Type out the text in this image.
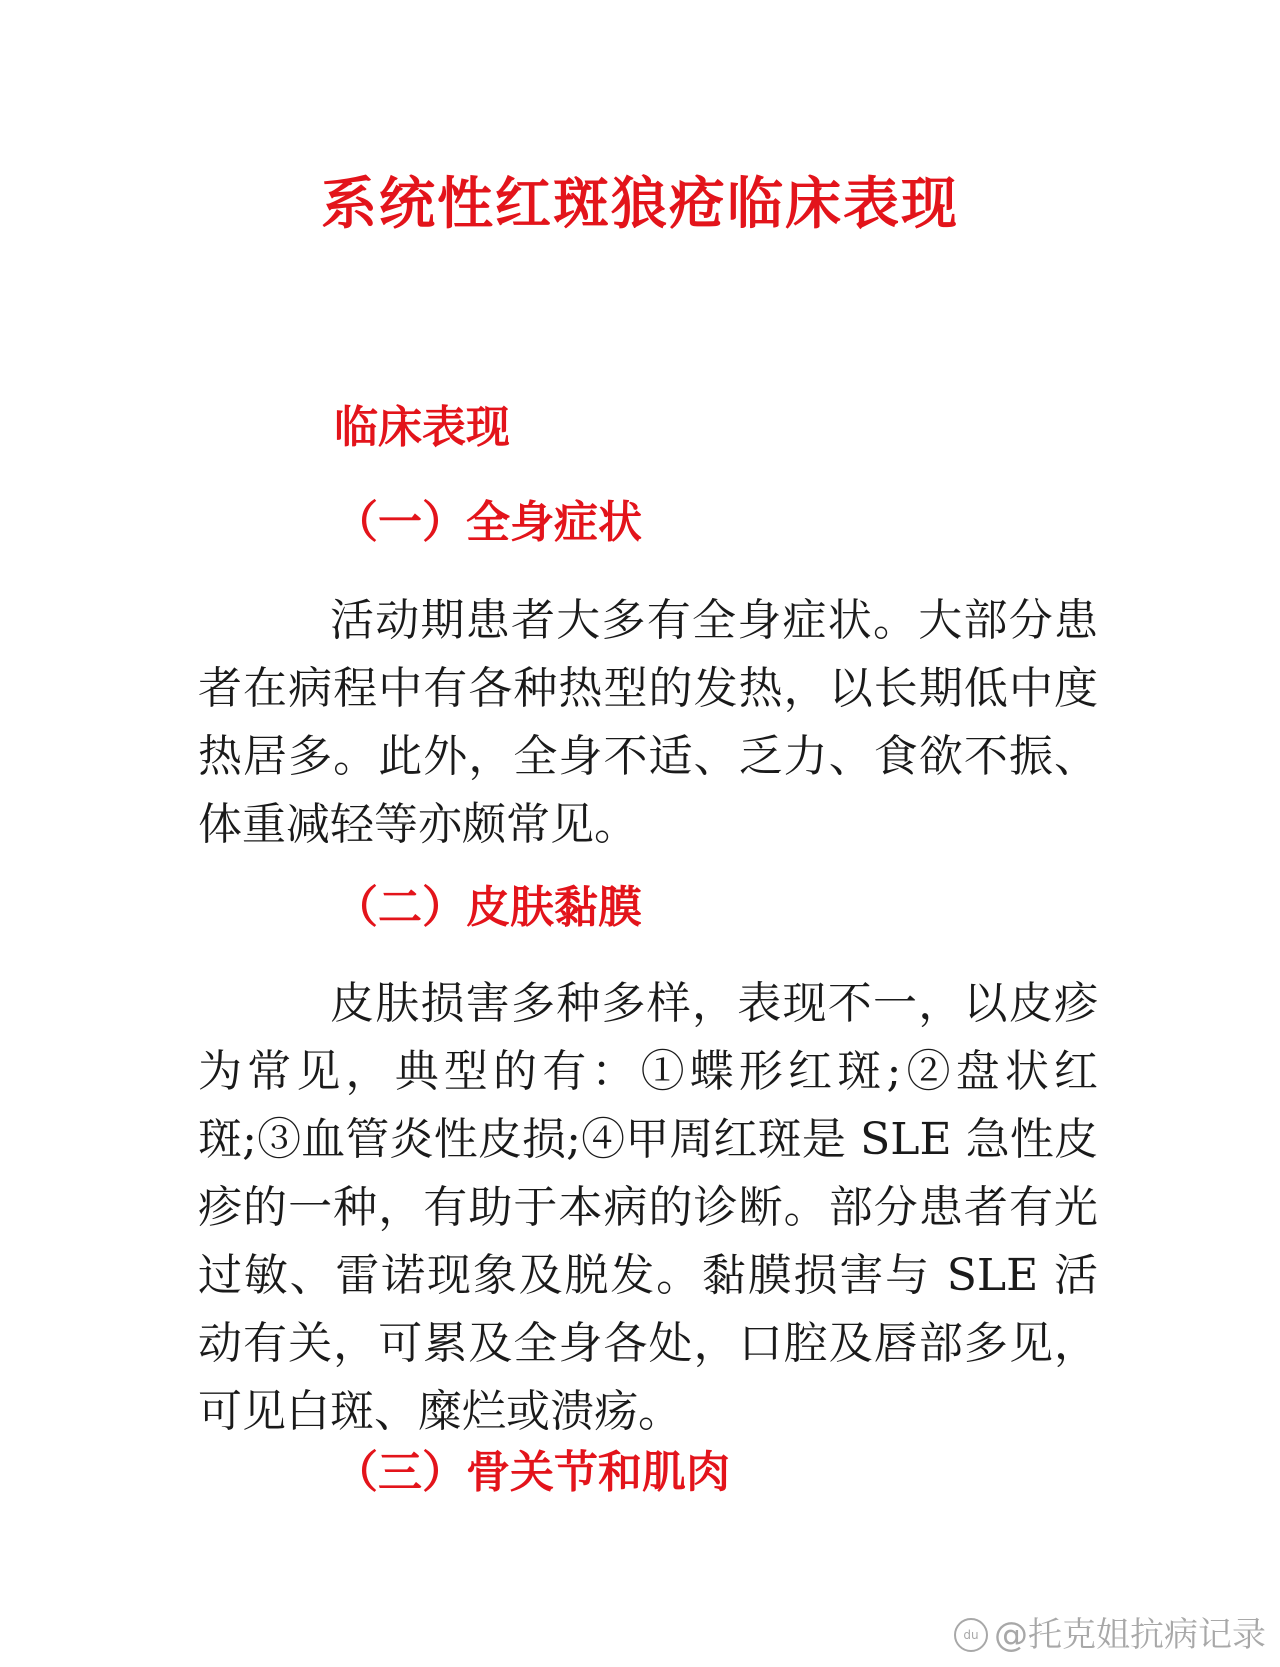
系统性红斑狼疮临床表现
临床表现
（一）全身症状

活动期患者大多有全身症状。大部分患者在病程中有各种热型的发热，以长期低中度热居多。此外，全身不适、乏力、食欲不振、体重减轻等亦颇常见。

（二）皮肤黏膜

皮肤损害多种多样，表现不一，以皮疹为常见，典型的有：①蝶形红斑;②盘状红斑;③血管炎性皮损;④甲周红斑是 SLE 急性皮疹的一种，有助于本病的诊断。部分患者有光过敏、雷诺现象及脱发。黏膜损害与 SLE 活动有关，可累及全身各处，口腔及唇部多见，可见白斑、糜烂或溃疡。

（三）骨关节和肌肉
du @托克姐抗病记录
